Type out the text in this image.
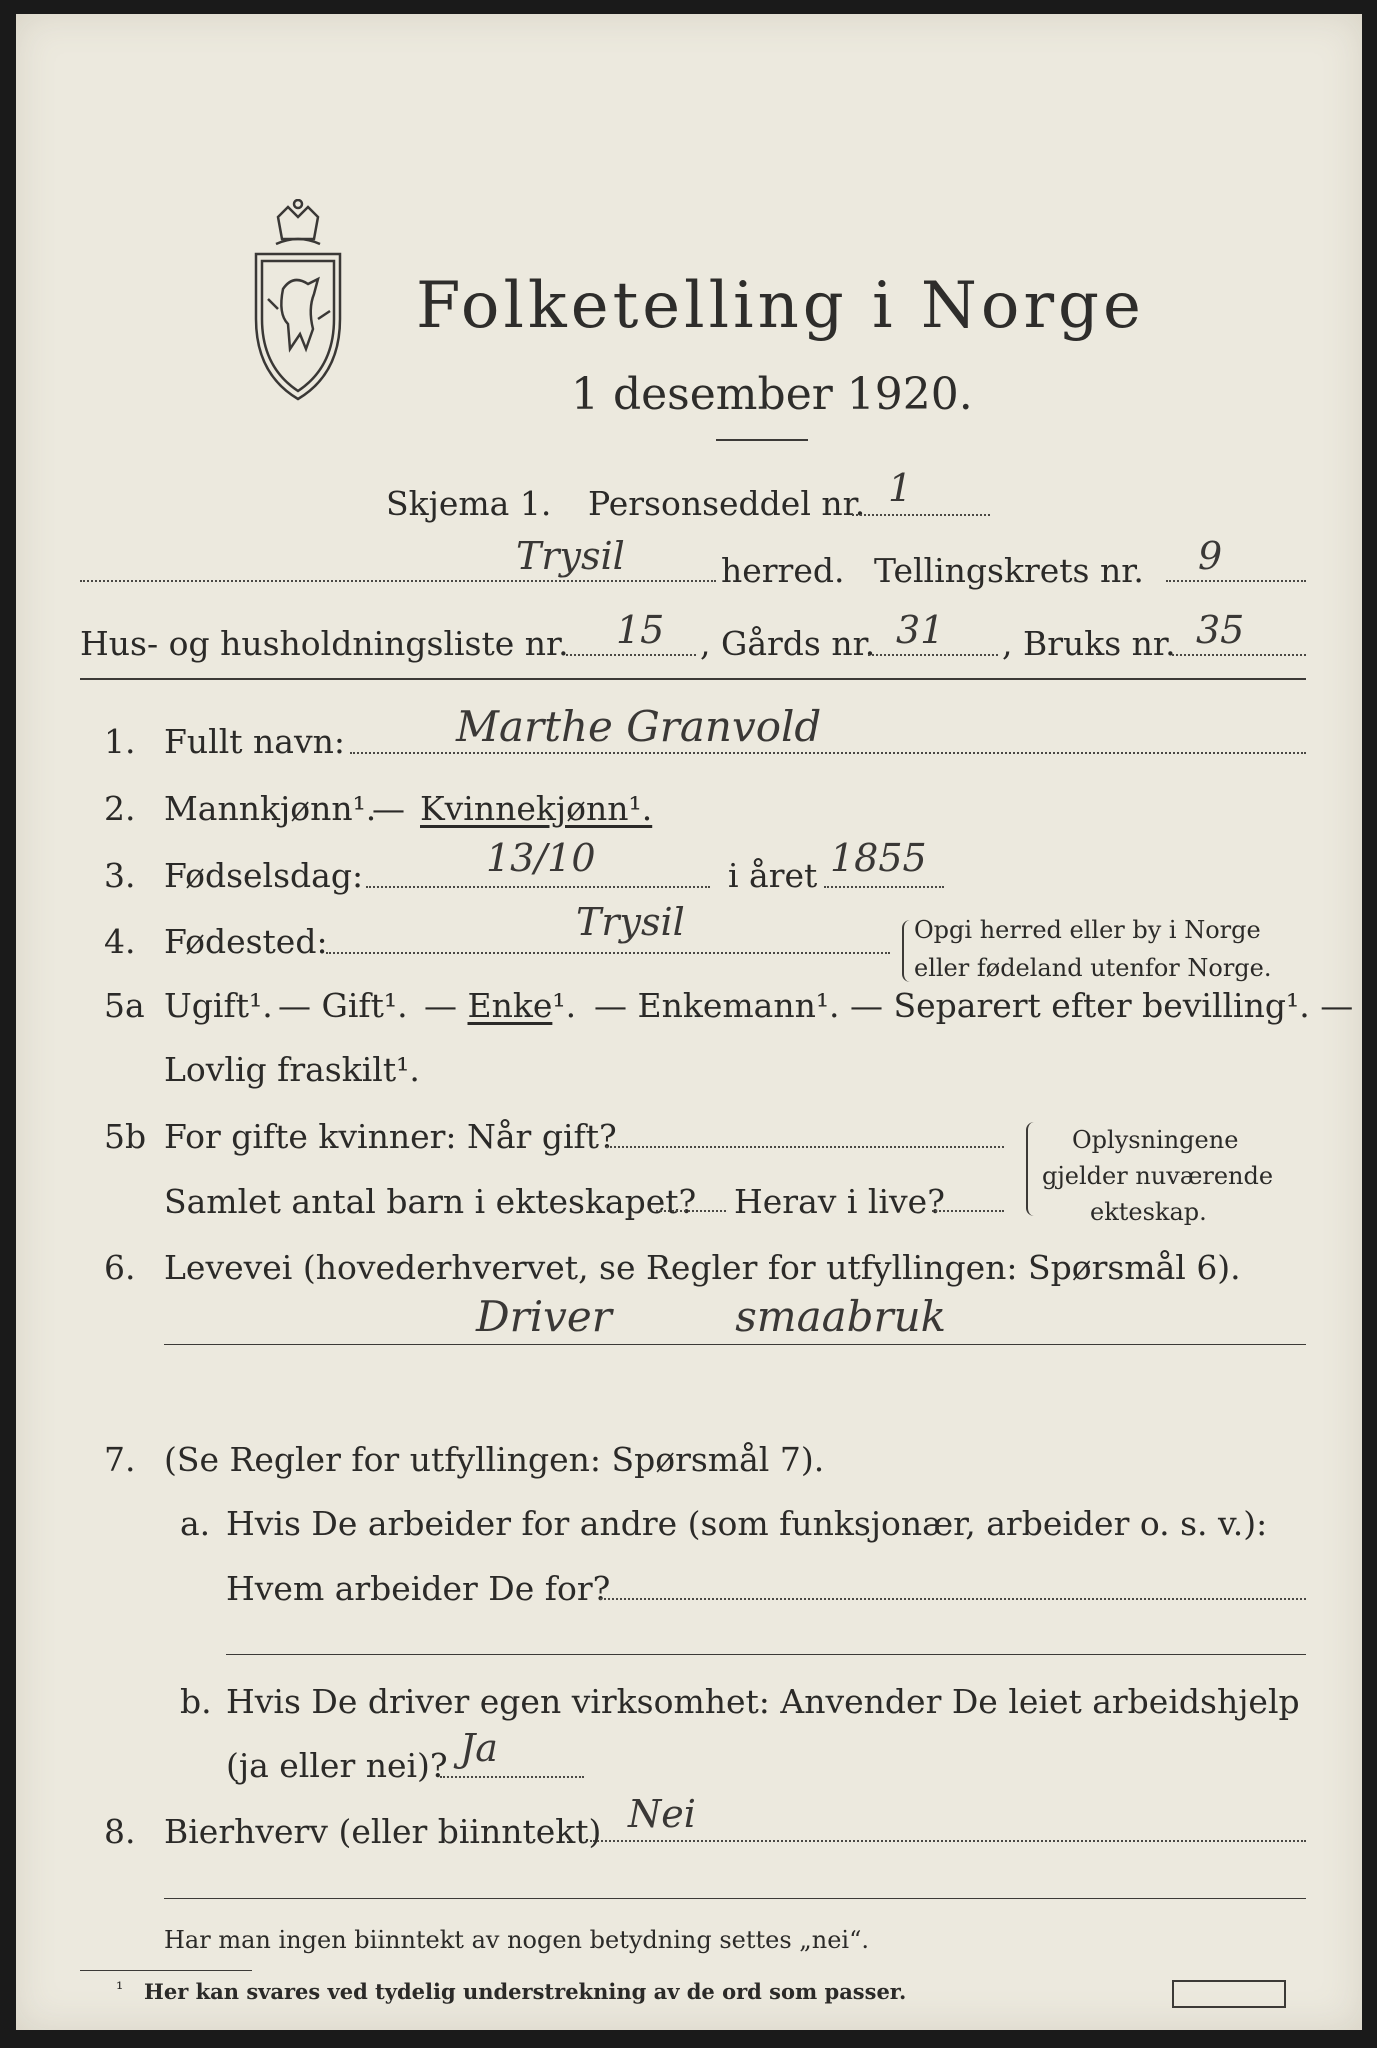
Folketelling i Norge
1 desember 1920.
Skjema 1. Personseddel nr. 1
Trysil	herred. Tellingskrets nr. 9
Hus- og husholdningsliste nr. 15 , Gårds nr. 31 , Bruks nr. 35
1. Fullt navn:	Marthe Granvold
2. Mannkjønn¹.
— Kvinnekjønn¹.
3. Fødselsdag:	13/10	i året 1855
4. Fødested:	Trysil	Opgi herred eller by i Norge
eller fødeland utenfor Norge.
5a Ugift¹. — Gift¹. — Enke¹. — Enkemann¹. — Separert efter bevilling¹. —
Lovlig fraskilt¹.
5b For gifte kvinner: Når gift?
Samlet antal barn i ekteskapet? Herav i live?
Oplysningene
gjelder nuværende
ekteskap.
6. Levevei (hovederhvervet, se Regler for utfyllingen: Spørsmål 6).
Driver smaabruk
7. (Se Regler for utfyllingen: Spørsmål 7).
a. Hvis De arbeider for andre (som funksjonær, arbeider o. s. v.):
Hvem arbeider De for?
b. Hvis De driver egen virksomhet: Anvender De leiet arbeidshjelp
(ja eller nei)? Ja
8. Bierhverv (eller biinntekt) Nei
Har man ingen biinntekt av nogen betydning settes „nei“.
¹ Her kan svares ved tydelig understrekning av de ord som passer.
